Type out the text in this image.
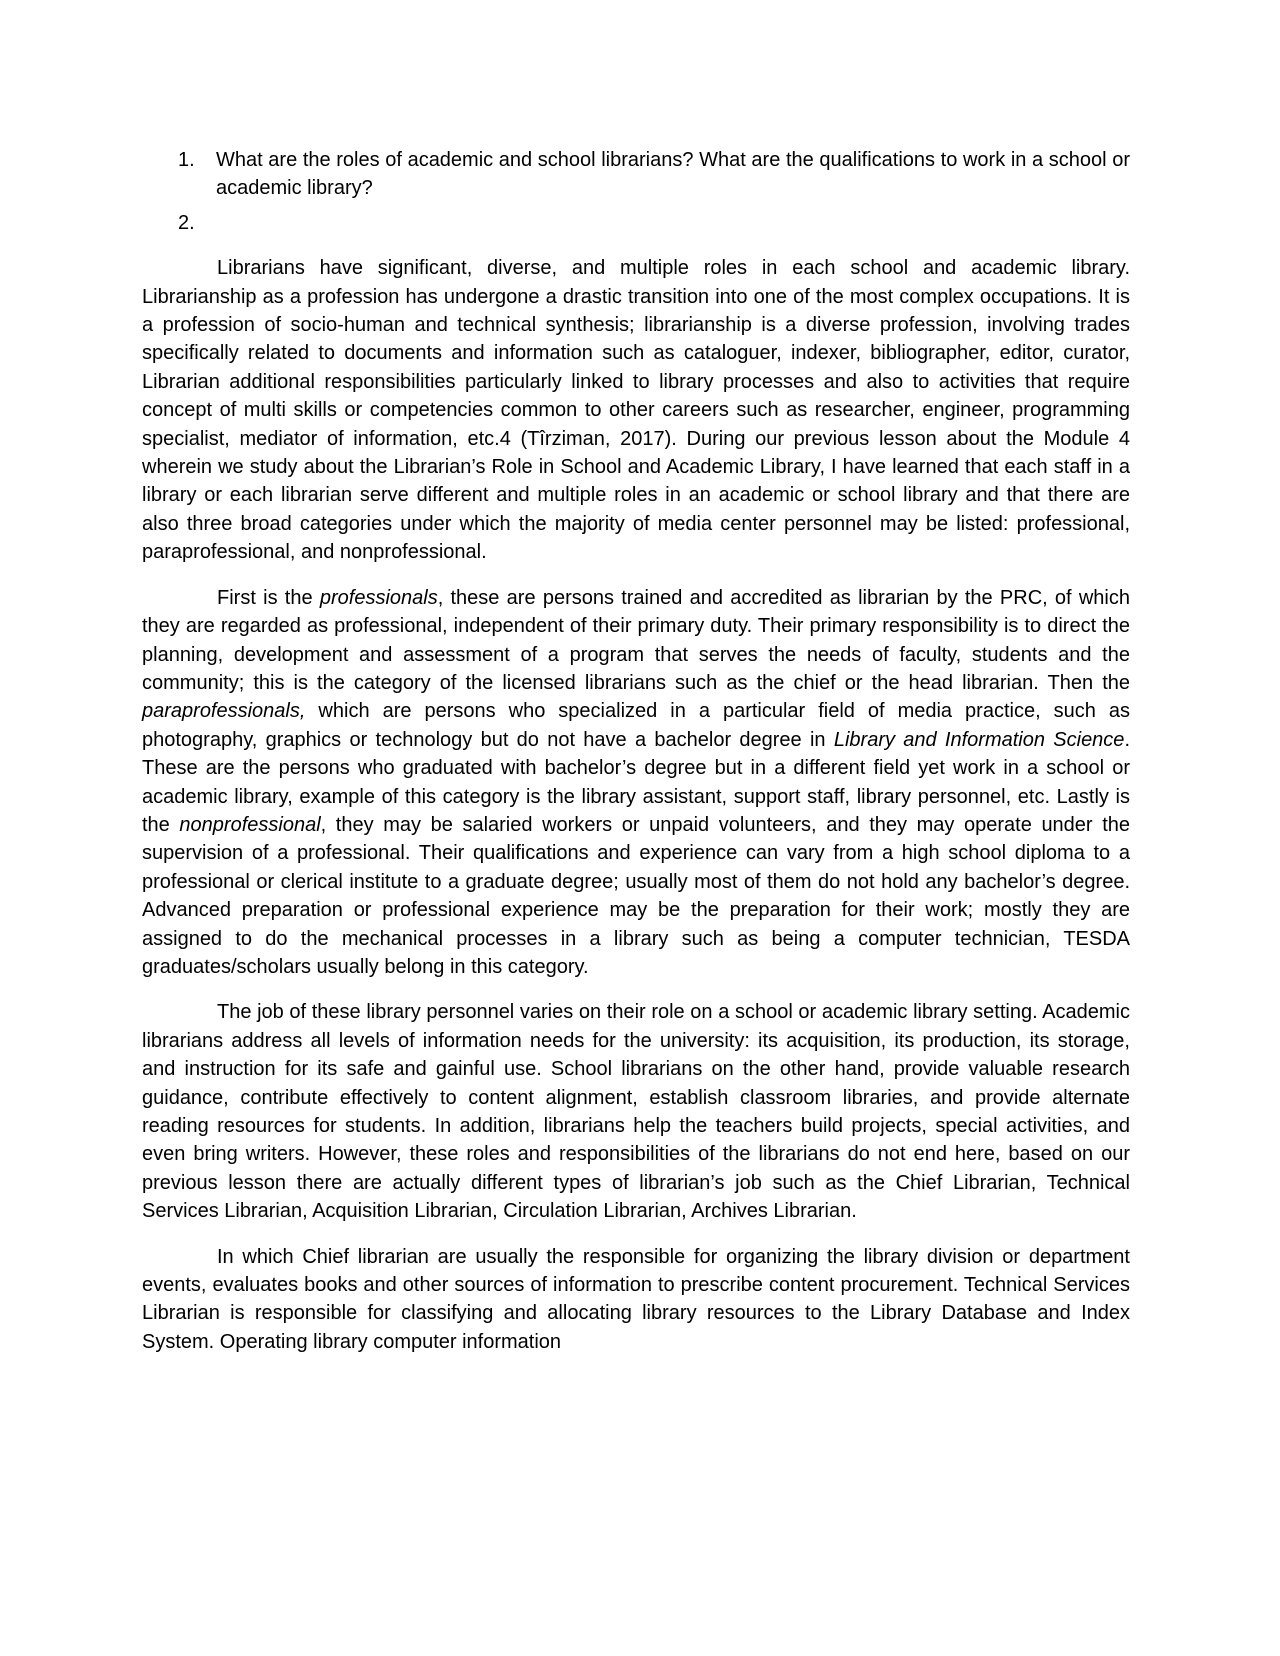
1.	What are the roles of academic and school librarians? What are the qualifications to work in a school or academic library?
2.

Librarians have significant, diverse, and multiple roles in each school and academic library. Librarianship as a profession has undergone a drastic transition into one of the most complex occupations. It is a profession of socio-human and technical synthesis; librarianship is a diverse profession, involving trades specifically related to documents and information such as cataloguer, indexer, bibliographer, editor, curator, Librarian additional responsibilities particularly linked to library processes and also to activities that require concept of multi skills or competencies common to other careers such as researcher, engineer, programming specialist, mediator of information, etc.4 (Tîrziman, 2017). During our previous lesson about the Module 4 wherein we study about the Librarian’s Role in School and Academic Library, I have learned that each staff in a library or each librarian serve different and multiple roles in an academic or school library and that there are also three broad categories under which the majority of media center personnel may be listed: professional, paraprofessional, and nonprofessional.

First is the professionals, these are persons trained and accredited as librarian by the PRC, of which they are regarded as professional, independent of their primary duty. Their primary responsibility is to direct the planning, development and assessment of a program that serves the needs of faculty, students and the community; this is the category of the licensed librarians such as the chief or the head librarian. Then the paraprofessionals, which are persons who specialized in a particular field of media practice, such as photography, graphics or technology but do not have a bachelor degree in Library and Information Science. These are the persons who graduated with bachelor’s degree but in a different field yet work in a school or academic library, example of this category is the library assistant, support staff, library personnel, etc. Lastly is the nonprofessional, they may be salaried workers or unpaid volunteers, and they may operate under the supervision of a professional. Their qualifications and experience can vary from a high school diploma to a professional or clerical institute to a graduate degree; usually most of them do not hold any bachelor’s degree. Advanced preparation or professional experience may be the preparation for their work; mostly they are assigned to do the mechanical processes in a library such as being a computer technician, TESDA graduates/scholars usually belong in this category.

The job of these library personnel varies on their role on a school or academic library setting. Academic librarians address all levels of information needs for the university: its acquisition, its production, its storage, and instruction for its safe and gainful use. School librarians on the other hand, provide valuable research guidance, contribute effectively to content alignment, establish classroom libraries, and provide alternate reading resources for students. In addition, librarians help the teachers build projects, special activities, and even bring writers. However, these roles and responsibilities of the librarians do not end here, based on our previous lesson there are actually different types of librarian’s job such as the Chief Librarian, Technical Services Librarian, Acquisition Librarian, Circulation Librarian, Archives Librarian.

In which Chief librarian are usually the responsible for organizing the library division or department events, evaluates books and other sources of information to prescribe content procurement. Technical Services Librarian is responsible for classifying and allocating library resources to the Library Database and Index System. Operating library computer information
